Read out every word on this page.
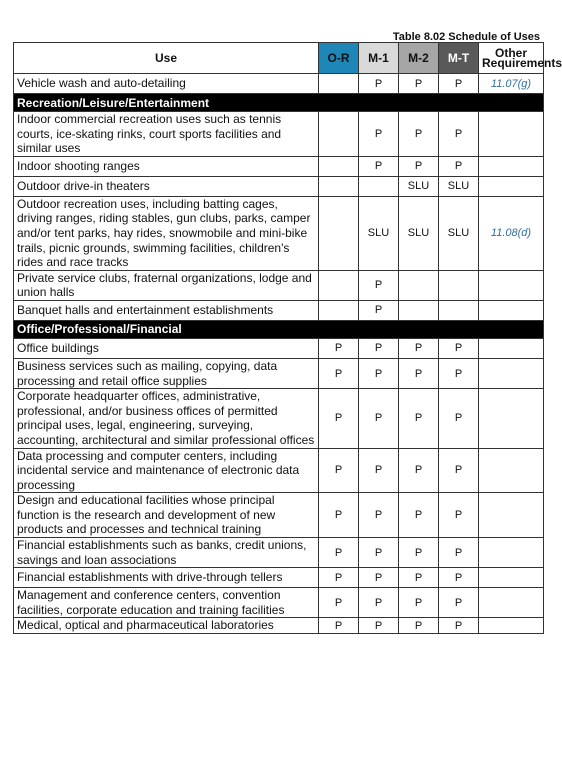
Table 8.02 Schedule of Uses
Use	O-R	M-1	M-2	M-T	Other
Requirements
Vehicle wash and auto-detailing		P	P	P	11.07(g)
Recreation/Leisure/Entertainment					
Indoor commercial recreation uses such as tennis courts, ice-skating rinks, court sports facilities and similar uses		P	P	P	
Indoor shooting ranges		P	P	P	
Outdoor drive-in theaters			SLU	SLU	
Outdoor recreation uses, including batting cages, driving ranges, riding stables, gun clubs, parks, camper and/or tent parks, hay rides, snowmobile and mini-bike trails, picnic grounds, swimming facilities, children's rides and race tracks		SLU	SLU	SLU	11.08(d)
Private service clubs, fraternal organizations, lodge and union halls		P			
Banquet halls and entertainment establishments		P			
Office/Professional/Financial					
Office buildings	P	P	P	P	
Business services such as mailing, copying, data processing and retail office supplies	P	P	P	P	
Corporate headquarter offices, administrative, professional, and/or business offices of permitted principal uses, legal, engineering, surveying, accounting, architectural and similar professional offices	P	P	P	P	
Data processing and computer centers, including incidental service and maintenance of electronic data processing	P	P	P	P	
Design and educational facilities whose principal function is the research and development of new products and processes and technical training	P	P	P	P	
Financial establishments such as banks, credit unions, savings and loan associations	P	P	P	P	
Financial establishments with drive-through tellers	P	P	P	P	
Management and conference centers, convention facilities, corporate education and training facilities	P	P	P	P	
Medical, optical and pharmaceutical laboratories	P	P	P	P	
